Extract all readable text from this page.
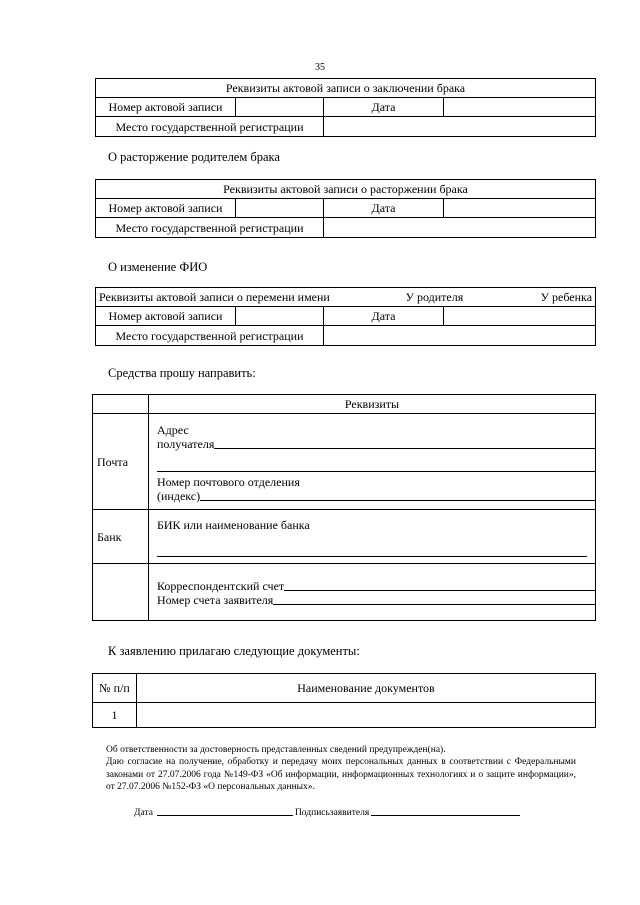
35
Реквизиты актовой записи о заключении брака			
Номер актовой записи		Дата	
Место государственной регистрации			
О расторжение родителем брака
Реквизиты актовой записи о расторжении брака			
Номер актовой записи		Дата	
Место государственной регистрации			
О изменение ФИО
Реквизиты актовой записи о перемени имени У родителя У ребенка			

Номер актовой записи		Дата	
Место государственной регистрации			
Средства прошу направить:
	Реквизиты
Почта	Адрес
получателя
Номер почтового отделения
(индекс)

Банк	БИК или наименование банка

	Корреспондентский счет
Номер счета заявителя
К заявлению прилагаю следующие документы:
№ п/п	Наименование документов
1	
Об ответственности за достоверность представленных сведений предупрежден(на).
Даю согласие на получение, обработку и передачу моих персональных данных в соответствии с Федеральными законами от 27.07.2006 года №149-ФЗ «Об информации, информационных технологиях и о защите информации», от 27.07.2006 №152-ФЗ «О персональных данных».
Дата	Подписьзаявителя
